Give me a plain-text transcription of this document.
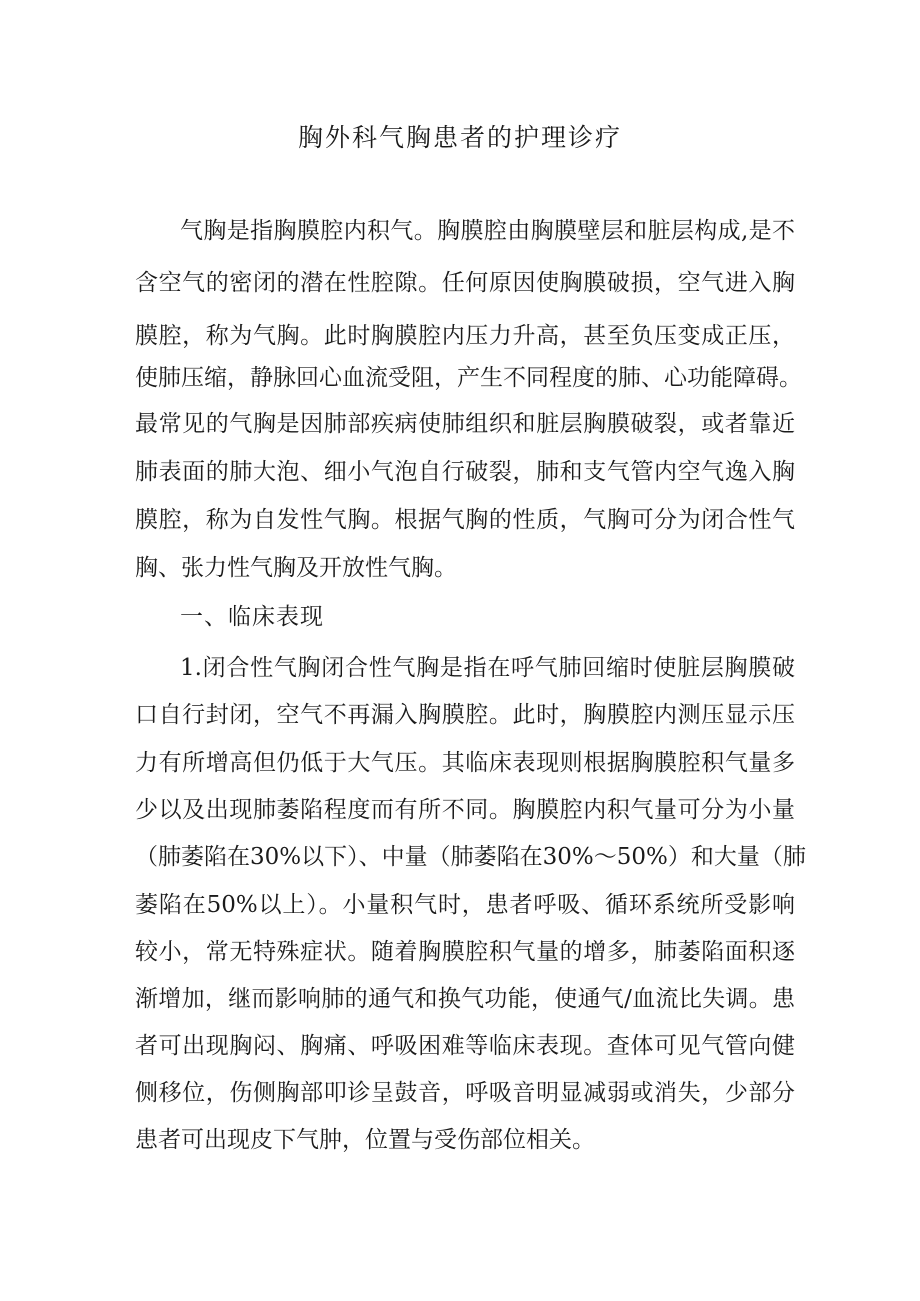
胸外科气胸患者的护理诊疗
气胸是指胸膜腔内积气。胸膜腔由胸膜壁层和脏层构成,是不
含空气的密闭的潜在性腔隙。任何原因使胸膜破损，空气进入胸
膜腔，称为气胸。此时胸膜腔内压力升高，甚至负压变成正压，
使肺压缩，静脉回心血流受阻，产生不同程度的肺、心功能障碍。
最常见的气胸是因肺部疾病使肺组织和脏层胸膜破裂，或者靠近
肺表面的肺大泡、细小气泡自行破裂，肺和支气管内空气逸入胸
膜腔，称为自发性气胸。根据气胸的性质，气胸可分为闭合性气
胸、张力性气胸及开放性气胸。
一、临床表现
1.闭合性气胸闭合性气胸是指在呼气肺回缩时使脏层胸膜破
口自行封闭，空气不再漏入胸膜腔。此时，胸膜腔内测压显示压
力有所增高但仍低于大气压。其临床表现则根据胸膜腔积气量多
少以及出现肺萎陷程度而有所不同。胸膜腔内积气量可分为小量
（肺萎陷在30%以下）、中量（肺萎陷在30%～50%）和大量（肺
萎陷在50%以上）。小量积气时，患者呼吸、循环系统所受影响
较小，常无特殊症状。随着胸膜腔积气量的增多，肺萎陷面积逐
渐增加，继而影响肺的通气和换气功能，使通气/血流比失调。患
者可出现胸闷、胸痛、呼吸困难等临床表现。查体可见气管向健
侧移位，伤侧胸部叩诊呈鼓音，呼吸音明显减弱或消失，少部分
患者可出现皮下气肿，位置与受伤部位相关。
